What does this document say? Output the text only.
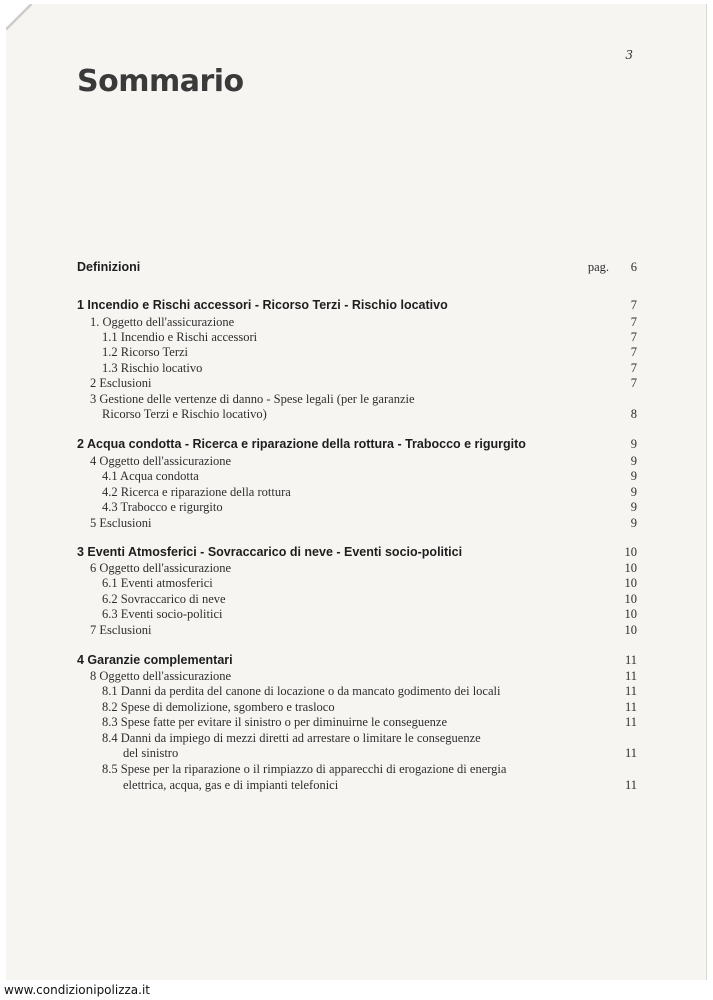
3
Sommario
Definizioni	pag. 6
1 Incendio e Rischi accessori - Ricorso Terzi - Rischio locativo	7
1. Oggetto dell'assicurazione	7
1.1 Incendio e Rischi accessori	7
1.2 Ricorso Terzi	7
1.3 Rischio locativo	7
2 Esclusioni	7
3 Gestione delle vertenze di danno - Spese legali (per le garanzie
Ricorso Terzi e Rischio locativo)	8
2 Acqua condotta - Ricerca e riparazione della rottura - Trabocco e rigurgito	9
4 Oggetto dell'assicurazione	9
4.1 Acqua condotta	9
4.2 Ricerca e riparazione della rottura	9
4.3 Trabocco e rigurgito	9
5 Esclusioni	9
3 Eventi Atmosferici - Sovraccarico di neve - Eventi socio-politici	10
6 Oggetto dell'assicurazione	10
6.1 Eventi atmosferici	10
6.2 Sovraccarico di neve	10
6.3 Eventi socio-politici	10
7 Esclusioni	10
4 Garanzie complementari	11
8 Oggetto dell'assicurazione	11
8.1 Danni da perdita del canone di locazione o da mancato godimento dei locali	11
8.2 Spese di demolizione, sgombero e trasloco	11
8.3 Spese fatte per evitare il sinistro o per diminuirne le conseguenze	11
8.4 Danni da impiego di mezzi diretti ad arrestare o limitare le conseguenze
del sinistro	11
8.5 Spese per la riparazione o il rimpiazzo di apparecchi di erogazione di energia
elettrica, acqua, gas e di impianti telefonici	11
www.condizionipolizza.it
